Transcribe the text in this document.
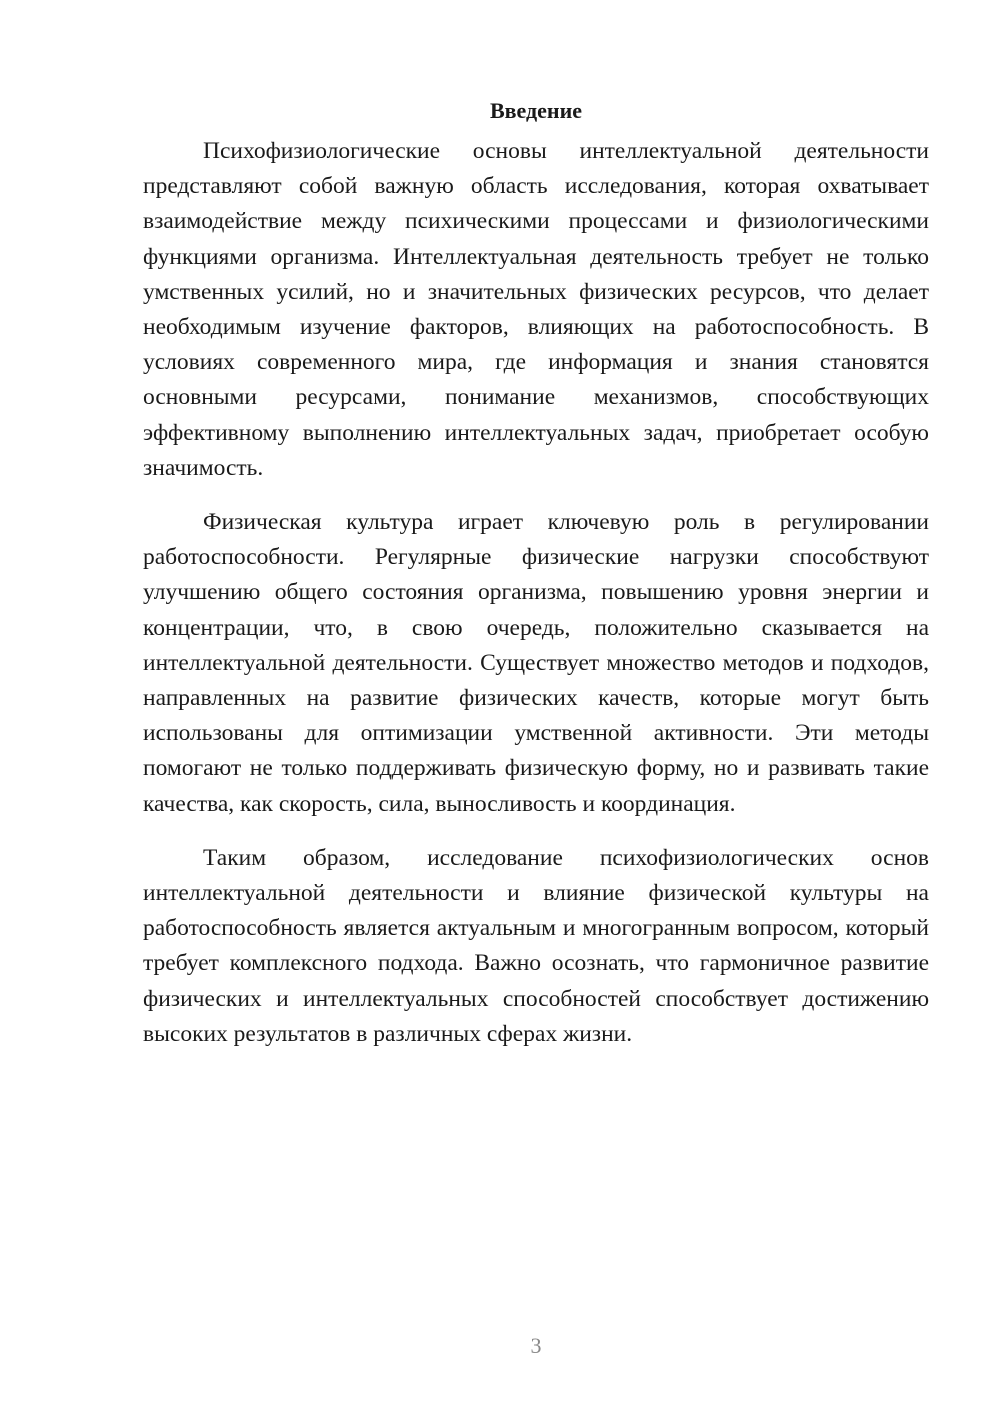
Введение

Психофизиологические основы интеллектуальной деятельности представляют собой важную область исследования, которая охватывает взаимодействие между психическими процессами и физиологическими функциями организма. Интеллектуальная деятельность требует не только умственных усилий, но и значительных физических ресурсов, что делает необходимым изучение факторов, влияющих на работоспособность. В условиях современного мира, где информация и знания становятся основными ресурсами, понимание механизмов, способствующих эффективному выполнению интеллектуальных задач, приобретает особую значимость.

Физическая культура играет ключевую роль в регулировании работоспособности. Регулярные физические нагрузки способствуют улучшению общего состояния организма, повышению уровня энергии и концентрации, что, в свою очередь, положительно сказывается на интеллектуальной деятельности. Существует множество методов и подходов, направленных на развитие физических качеств, которые могут быть использованы для оптимизации умственной активности. Эти методы помогают не только поддерживать физическую форму, но и развивать такие качества, как скорость, сила, выносливость и координация.

Таким образом, исследование психофизиологических основ интеллектуальной деятельности и влияние физической культуры на работоспособность является актуальным и многогранным вопросом, который требует комплексного подхода. Важно осознать, что гармоничное развитие физических и интеллектуальных способностей способствует достижению высоких результатов в различных сферах жизни.

3
